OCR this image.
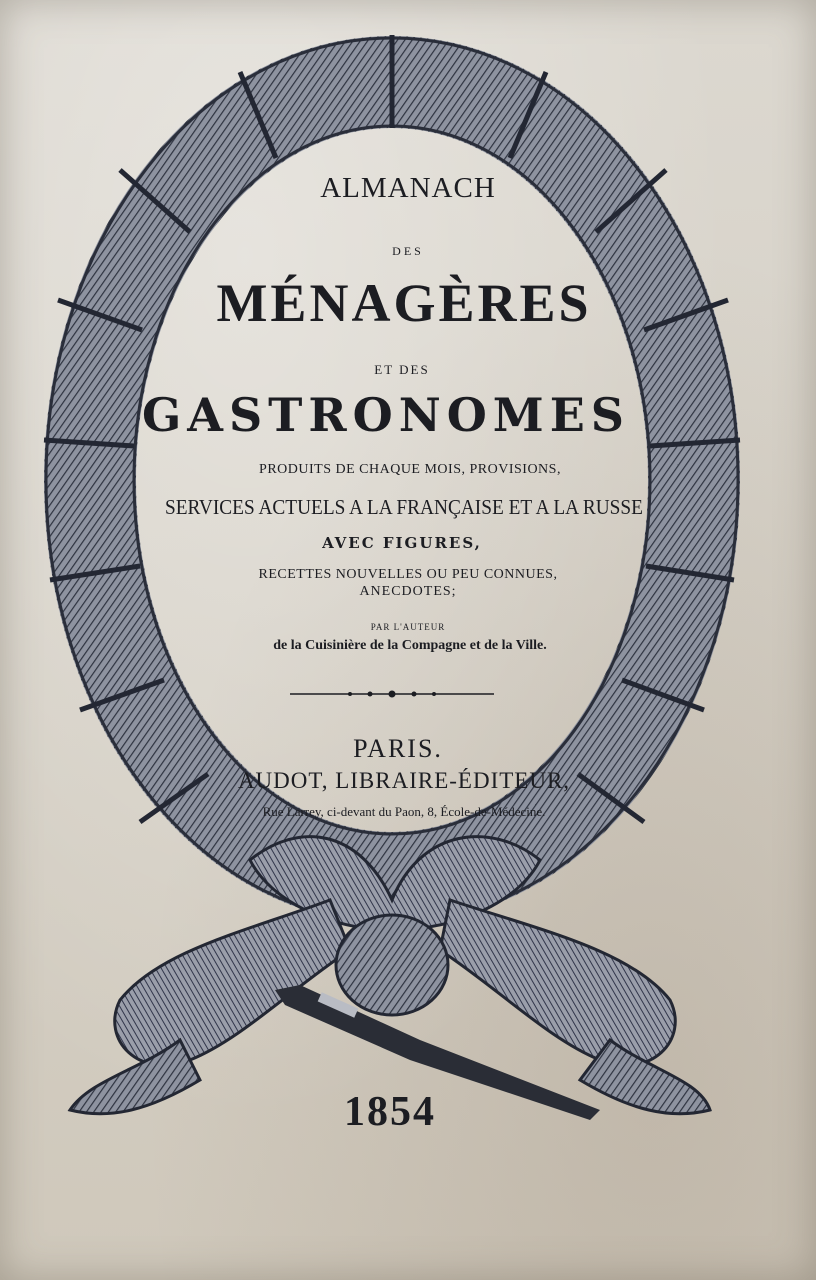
ALMANACH
DES
MÉNAGÈRES
ET DES
GASTRONOMES
PRODUITS DE CHAQUE MOIS, PROVISIONS,
SERVICES ACTUELS A LA FRANÇAISE ET A LA RUSSE
AVEC FIGURES,
RECETTES NOUVELLES OU PEU CONNUES,
ANECDOTES;
PAR L'AUTEUR
de la Cuisinière de la Compagne et de la Ville.
PARIS.
AUDOT, LIBRAIRE-ÉDITEUR,
Rue Larrey, ci-devant du Paon, 8, École-de-Médecine.
1854
